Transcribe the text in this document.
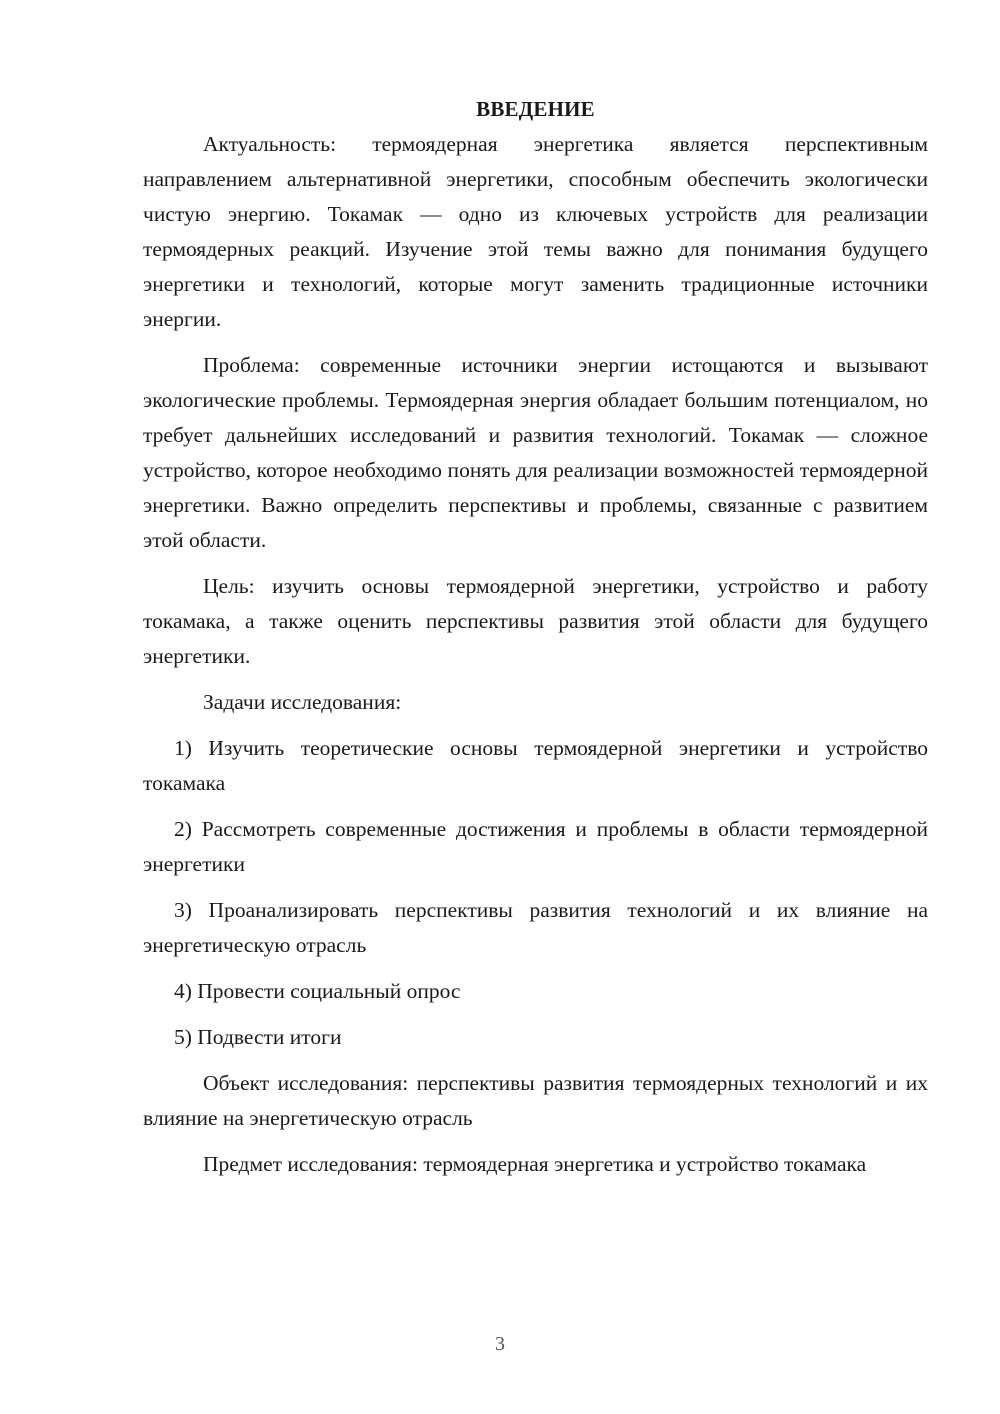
ВВЕДЕНИЕ

Актуальность: термоядерная энергетика является перспективным направлением альтернативной энергетики, способным обеспечить экологически чистую энергию. Токамак — одно из ключевых устройств для реализации термоядерных реакций. Изучение этой темы важно для понимания будущего энергетики и технологий, которые могут заменить традиционные источники энергии.

Проблема: современные источники энергии истощаются и вызывают экологические проблемы. Термоядерная энергия обладает большим потенциалом, но требует дальнейших исследований и развития технологий. Токамак — сложное устройство, которое необходимо понять для реализации возможностей термоядерной энергетики. Важно определить перспективы и проблемы, связанные с развитием этой области.

Цель: изучить основы термоядерной энергетики, устройство и работу токамака, а также оценить перспективы развития этой области для будущего энергетики.

Задачи исследования:

1) Изучить теоретические основы термоядерной энергетики и устройство токамака

2) Рассмотреть современные достижения и проблемы в области термоядерной энергетики

3) Проанализировать перспективы развития технологий и их влияние на энергетическую отрасль

4) Провести социальный опрос

5) Подвести итоги

Объект исследования: перспективы развития термоядерных технологий и их влияние на энергетическую отрасль

Предмет исследования: термоядерная энергетика и устройство токамака

3
